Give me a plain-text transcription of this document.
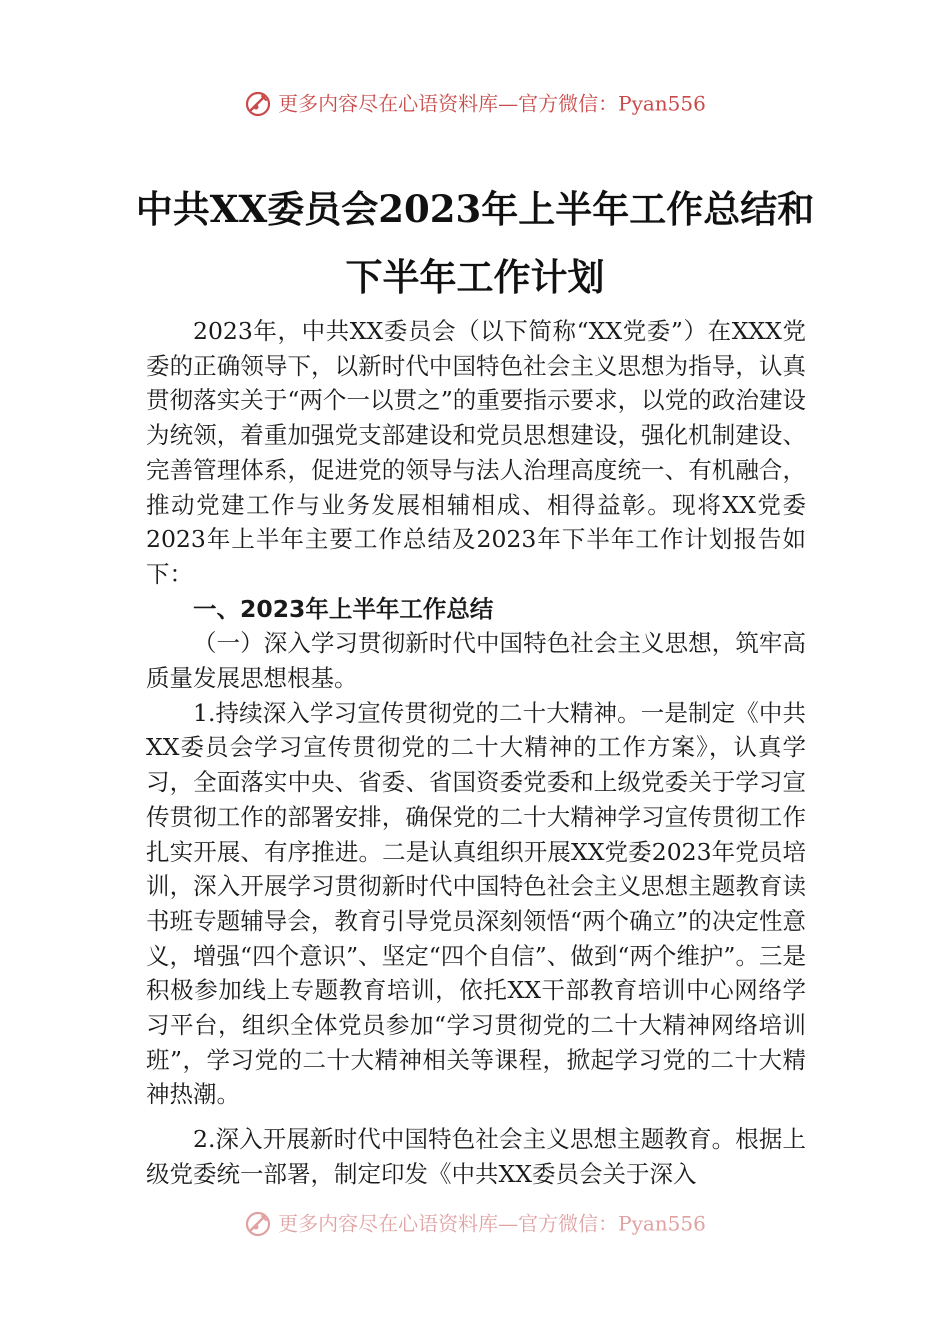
更多内容尽在心语资料库—官方微信：Pyan556
中共XX委员会2023年上半年工作总结和
下半年工作计划

2023年，中共XX委员会（以下简称“XX党委”）在XXX党委的正确领导下，以新时代中国特色社会主义思想为指导，认真贯彻落实关于“两个一以贯之”的重要指示要求，以党的政治建设为统领，着重加强党支部建设和党员思想建设，强化机制建设、完善管理体系，促进党的领导与法人治理高度统一、有机融合，推动党建工作与业务发展相辅相成、相得益彰。现将XX党委2023年上半年主要工作总结及2023年下半年工作计划报告如下：

一、2023年上半年工作总结

（一）深入学习贯彻新时代中国特色社会主义思想，筑牢高质量发展思想根基。

1.持续深入学习宣传贯彻党的二十大精神。一是制定《中共XX委员会学习宣传贯彻党的二十大精神的工作方案》，认真学习，全面落实中央、省委、省国资委党委和上级党委关于学习宣传贯彻工作的部署安排，确保党的二十大精神学习宣传贯彻工作扎实开展、有序推进。二是认真组织开展XX党委2023年党员培训，深入开展学习贯彻新时代中国特色社会主义思想主题教育读书班专题辅导会，教育引导党员深刻领悟“两个确立”的决定性意义，增强“四个意识”、坚定“四个自信”、做到“两个维护”。三是积极参加线上专题教育培训，依托XX干部教育培训中心网络学习平台，组织全体党员参加“学习贯彻党的二十大精神网络培训班”，学习党的二十大精神相关等课程，掀起学习党的二十大精神热潮。

2.深入开展新时代中国特色社会主义思想主题教育。根据上级党委统一部署，制定印发《中共XX委员会关于深入

更多内容尽在心语资料库—官方微信：Pyan556
